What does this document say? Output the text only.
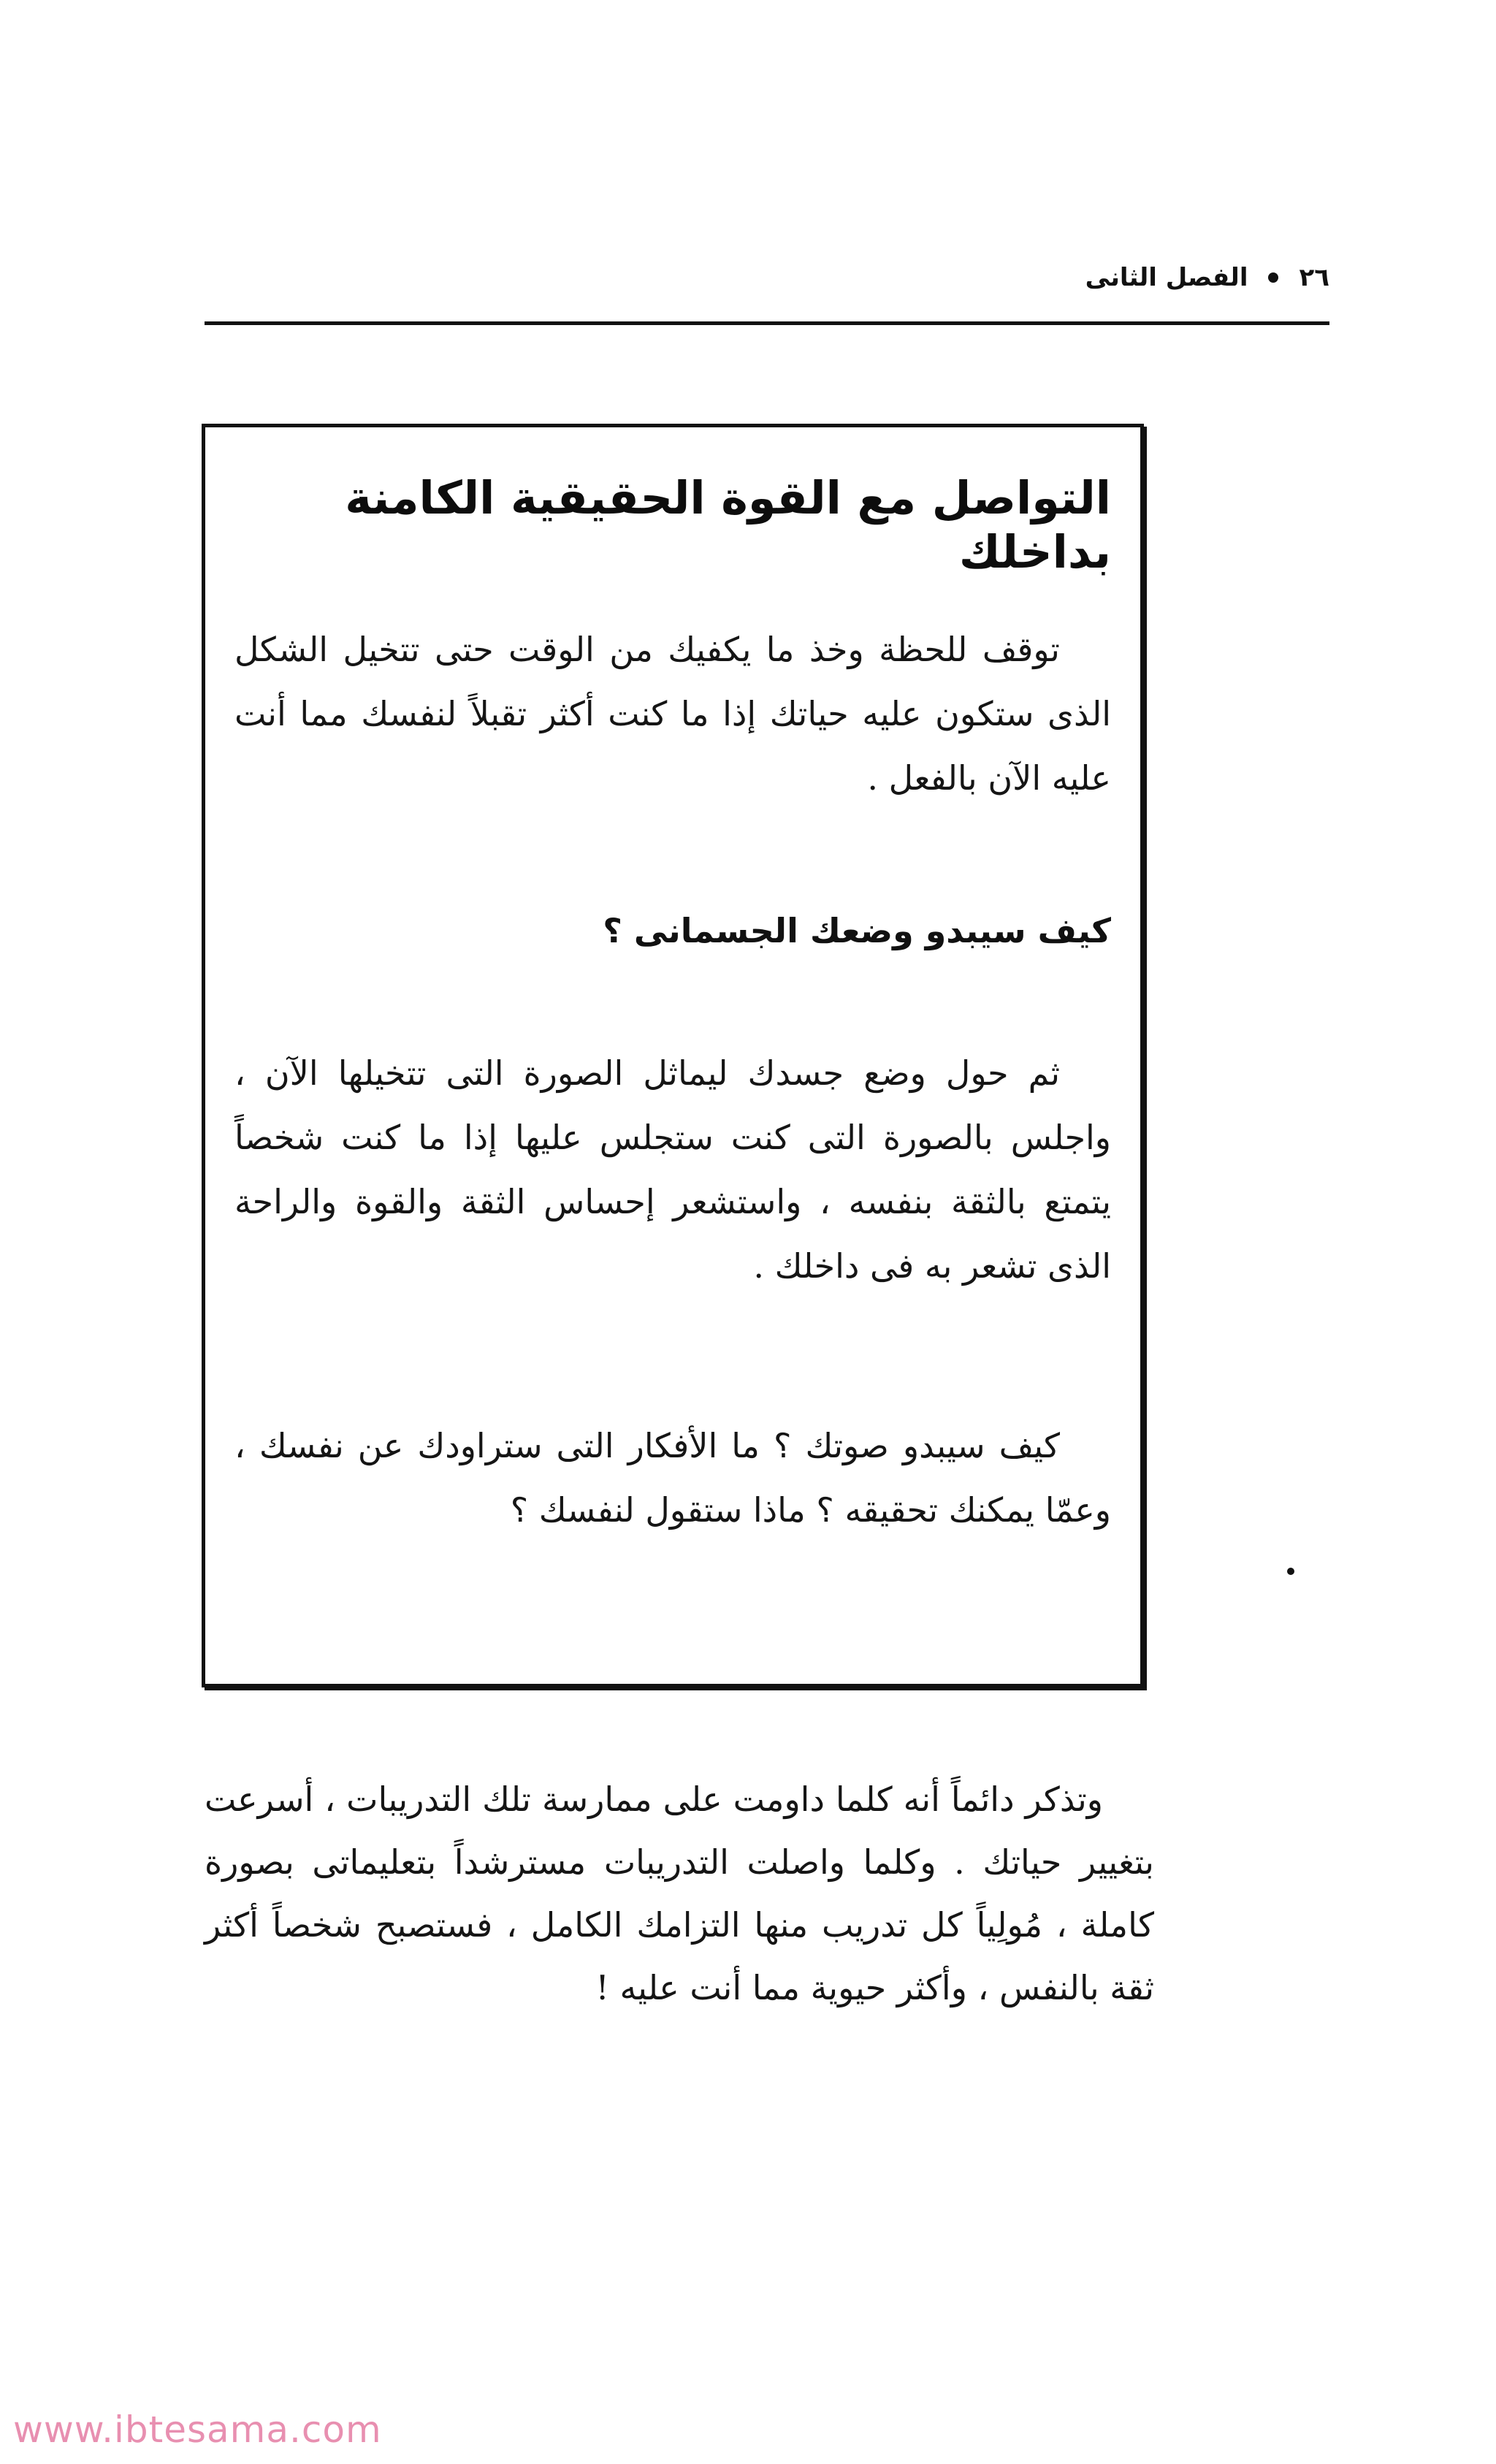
٢٦
الفصل الثانى
التواصل مع القوة الحقيقية الكامنة بداخلك

توقف للحظة وخذ ما يكفيك من الوقت حتى تتخيل الشكل الذى ستكون عليه حياتك إذا ما كنت أكثر تقبلاً لنفسك مما أنت عليه الآن بالفعل .

كيف سيبدو وضعك الجسمانى ؟

ثم حول وضع جسدك ليماثل الصورة التى تتخيلها الآن ، واجلس بالصورة التى كنت ستجلس عليها إذا ما كنت شخصاً يتمتع بالثقة بنفسه ، واستشعر إحساس الثقة والقوة والراحة الذى تشعر به فى داخلك .

كيف سيبدو صوتك ؟ ما الأفكار التى ستراودك عن نفسك ، وعمّا يمكنك تحقيقه ؟ ماذا ستقول لنفسك ؟

وتذكر دائماً أنه كلما داومت على ممارسة تلك التدريبات ، أسرعت بتغيير حياتك . وكلما واصلت التدريبات مسترشداً بتعليماتى بصورة كاملة ، مُولِياً كل تدريب منها التزامك الكامل ، فستصبح شخصاً أكثر ثقة بالنفس ، وأكثر حيوية مما أنت عليه !

www.ibtesama.com
